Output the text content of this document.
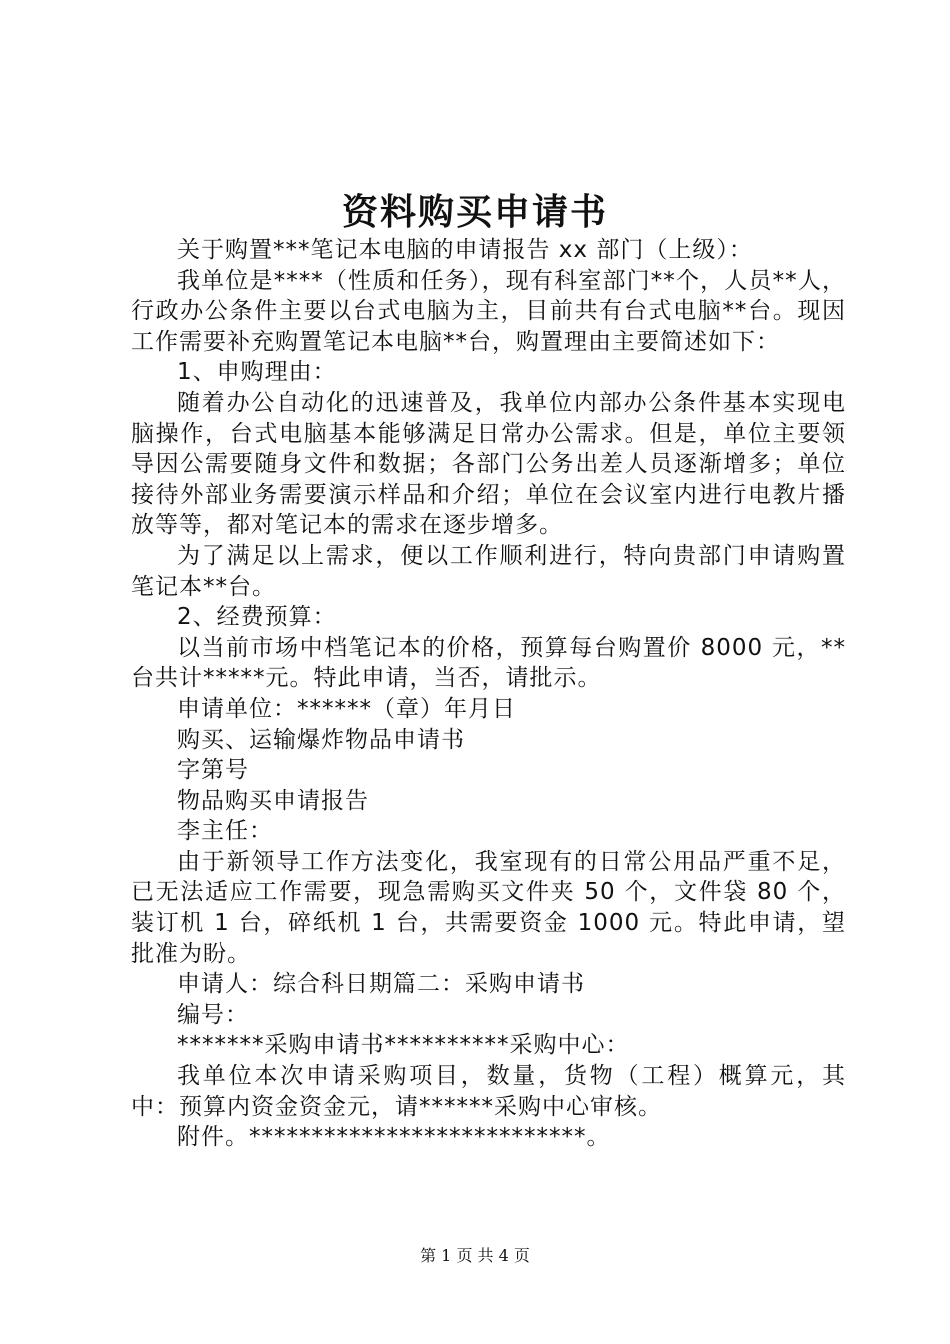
资料购买申请书

关于购置***笔记本电脑的申请报告 xx 部门（上级）：

我单位是****（性质和任务），现有科室部门**个，人员**人，行政办公条件主要以台式电脑为主，目前共有台式电脑**台。现因工作需要补充购置笔记本电脑**台，购置理由主要简述如下：

1、申购理由：

随着办公自动化的迅速普及，我单位内部办公条件基本实现电脑操作，台式电脑基本能够满足日常办公需求。但是，单位主要领导因公需要随身文件和数据；各部门公务出差人员逐渐增多；单位接待外部业务需要演示样品和介绍；单位在会议室内进行电教片播放等等，都对笔记本的需求在逐步增多。

为了满足以上需求，便以工作顺利进行，特向贵部门申请购置笔记本**台。

2、经费预算：

以当前市场中档笔记本的价格，预算每台购置价 8000 元，**台共计*****元。特此申请，当否，请批示。

申请单位：******（章）年月日

购买、运输爆炸物品申请书

字第号

物品购买申请报告

李主任：

由于新领导工作方法变化，我室现有的日常公用品严重不足，已无法适应工作需要，现急需购买文件夹 50 个，文件袋 80 个，装订机 1 台，碎纸机 1 台，共需要资金 1000 元。特此申请，望批准为盼。

申请人：综合科日期篇二：采购申请书

编号：

*******采购申请书**********采购中心：

我单位本次申请采购项目，数量，货物（工程）概算元，其中：预算内资金资金元，请******采购中心审核。

附件。***************************。

第 1 页 共 4 页
